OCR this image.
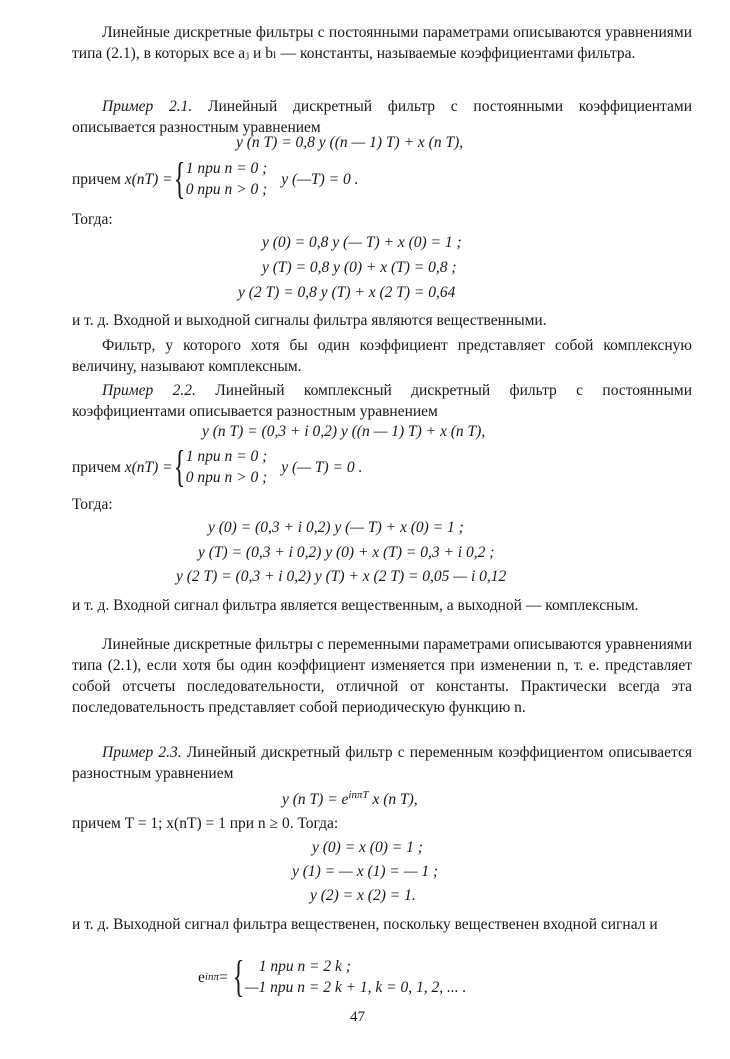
Линейные дискретные фильтры с постоянными параметрами описываются уравнениями типа (2.1), в которых все aⱼ и bₗ — константы, называемые коэффициентами фильтра.

Пример 2.1. Линейный дискретный фильтр с постоянными коэффициентами описывается разностным уравнением

y (n T) = 0,8 y ((n — 1) T) + x (n T),
причем
x(nT) = { 1 при n = 0 ;
0 при n > 0 ;
y (—T) = 0 .

Тогда:

y (0) = 0,8 y (— T) + x (0) = 1 ;
y (T) = 0,8 y (0) + x (T) = 0,8 ;
y (2 T) = 0,8 y (T) + x (2 T) = 0,64

и т. д. Входной и выходной сигналы фильтра являются вещественными.

Фильтр, у которого хотя бы один коэффициент представляет собой комплексную величину, называют комплексным.

Пример 2.2. Линейный комплексный дискретный фильтр с постоянными коэффициентами описывается разностным уравнением

y (n T) = (0,3 + i 0,2) y ((n — 1) T) + x (n T),
причем
x(nT) = { 1 при n = 0 ;
0 при n > 0 ;
y (— T) = 0 .

Тогда:

y (0) = (0,3 + i 0,2) y (— T) + x (0) = 1 ;
y (T) = (0,3 + i 0,2) y (0) + x (T) = 0,3 + i 0,2 ;
y (2 T) = (0,3 + i 0,2) y (T) + x (2 T) = 0,05 — i 0,12

и т. д. Входной сигнал фильтра является вещественным, а выходной — комплексным.

Линейные дискретные фильтры с переменными параметрами описываются уравнениями типа (2.1), если хотя бы один коэффициент изменяется при изменении n, т. е. представляет собой отсчеты последовательности, отличной от константы. Практически всегда эта последовательность представляет собой периодическую функцию n.

Пример 2.3. Линейный дискретный фильтр с переменным коэффициентом описывается разностным уравнением

y (n $T) = e^{in\pi T}$ x (n T),

причем T = 1; x(nT) = 1 при n ≥ 0. Тогда:

y (0) = x (0) = 1 ;
y (1) = — x (1) = — 1 ;
y (2) = x (2) = 1.

и т. д. Выходной сигнал фильтра вещественен, поскольку вещественен входной сигнал и

e inπ =
{ 1 при n = 2 k ;
—1 при n = 2 k + 1, k = 0, 1, 2, ... .
47
